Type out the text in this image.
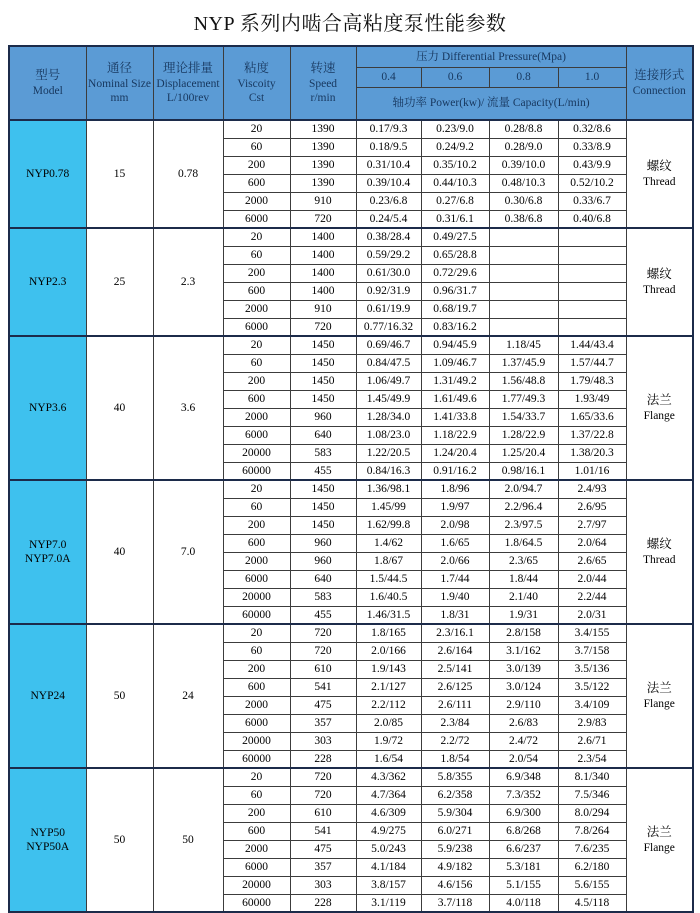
NYP 系列内啮合高粘度泵性能参数
型号
Model

通径
Nominal Size
mm

理论排量
Displacement
L/100rev

粘度
Viscoity
Cst

转速
Speed
r/min
	压力 Differential Pressure(Mpa)	
连接形式
Connection

					0.4	0.6	0.8	1.0	
					轴功率 Power(kw)/ 流量 Capacity(L/min)				

NYP0.78	15	0.78	20	1390	0.17/9.3	0.23/9.0	0.28/8.8	0.32/8.6	螺纹
Thread

			60	1390	0.18/9.5	0.24/9.2	0.28/9.0	0.33/8.9	
			200	1390	0.31/10.4	0.35/10.2	0.39/10.0	0.43/9.9	
			600	1390	0.39/10.4	0.44/10.3	0.48/10.3	0.52/10.2	
			2000	910	0.23/6.8	0.27/6.8	0.30/6.8	0.33/6.7	
			6000	720	0.24/5.4	0.31/6.1	0.38/6.8	0.40/6.8	

NYP2.3	25	2.3	20	1400	0.38/28.4	0.49/27.5			螺纹
Thread

			60	1400	0.59/29.2	0.65/28.8			
			200	1400	0.61/30.0	0.72/29.6			
			600	1400	0.92/31.9	0.96/31.7			
			2000	910	0.61/19.9	0.68/19.7			
			6000	720	0.77/16.32	0.83/16.2			

NYP3.6	40	3.6	20	1450	0.69/46.7	0.94/45.9	1.18/45	1.44/43.4	法兰
Flange

			60	1450	0.84/47.5	1.09/46.7	1.37/45.9	1.57/44.7	
			200	1450	1.06/49.7	1.31/49.2	1.56/48.8	1.79/48.3	
			600	1450	1.45/49.9	1.61/49.6	1.77/49.3	1.93/49	
			2000	960	1.28/34.0	1.41/33.8	1.54/33.7	1.65/33.6	
			6000	640	1.08/23.0	1.18/22.9	1.28/22.9	1.37/22.8	
			20000	583	1.22/20.5	1.24/20.4	1.25/20.4	1.38/20.3	
			60000	455	0.84/16.3	0.91/16.2	0.98/16.1	1.01/16	

NYP7.0
NYP7.0A
	40	7.0	20	1450	1.36/98.1	1.8/96	2.0/94.7	2.4/93	
螺纹
Thread

			60	1450	1.45/99	1.9/97	2.2/96.4	2.6/95	
			200	1450	1.62/99.8	2.0/98	2.3/97.5	2.7/97	
			600	960	1.4/62	1.6/65	1.8/64.5	2.0/64	
			2000	960	1.8/67	2.0/66	2.3/65	2.6/65	
			6000	640	1.5/44.5	1.7/44	1.8/44	2.0/44	
			20000	583	1.6/40.5	1.9/40	2.1/40	2.2/44	
			60000	455	1.46/31.5	1.8/31	1.9/31	2.0/31	

NYP24	50	24	20	720	1.8/165	2.3/16.1	2.8/158	3.4/155	法兰
Flange

			60	720	2.0/166	2.6/164	3.1/162	3.7/158	
			200	610	1.9/143	2.5/141	3.0/139	3.5/136	
			600	541	2.1/127	2.6/125	3.0/124	3.5/122	
			2000	475	2.2/112	2.6/111	2.9/110	3.4/109	
			6000	357	2.0/85	2.3/84	2.6/83	2.9/83	
			20000	303	1.9/72	2.2/72	2.4/72	2.6/71	
			60000	228	1.6/54	1.8/54	2.0/54	2.3/54	

NYP50
NYP50A
	50	50	20	720	4.3/362	5.8/355	6.9/348	8.1/340	
法兰
Flange

			60	720	4.7/364	6.2/358	7.3/352	7.5/346	
			200	610	4.6/309	5.9/304	6.9/300	8.0/294	
			600	541	4.9/275	6.0/271	6.8/268	7.8/264	
			2000	475	5.0/243	5.9/238	6.6/237	7.6/235	
			6000	357	4.1/184	4.9/182	5.3/181	6.2/180	
			20000	303	3.8/157	4.6/156	5.1/155	5.6/155	
			60000	228	3.1/119	3.7/118	4.0/118	4.5/118	
